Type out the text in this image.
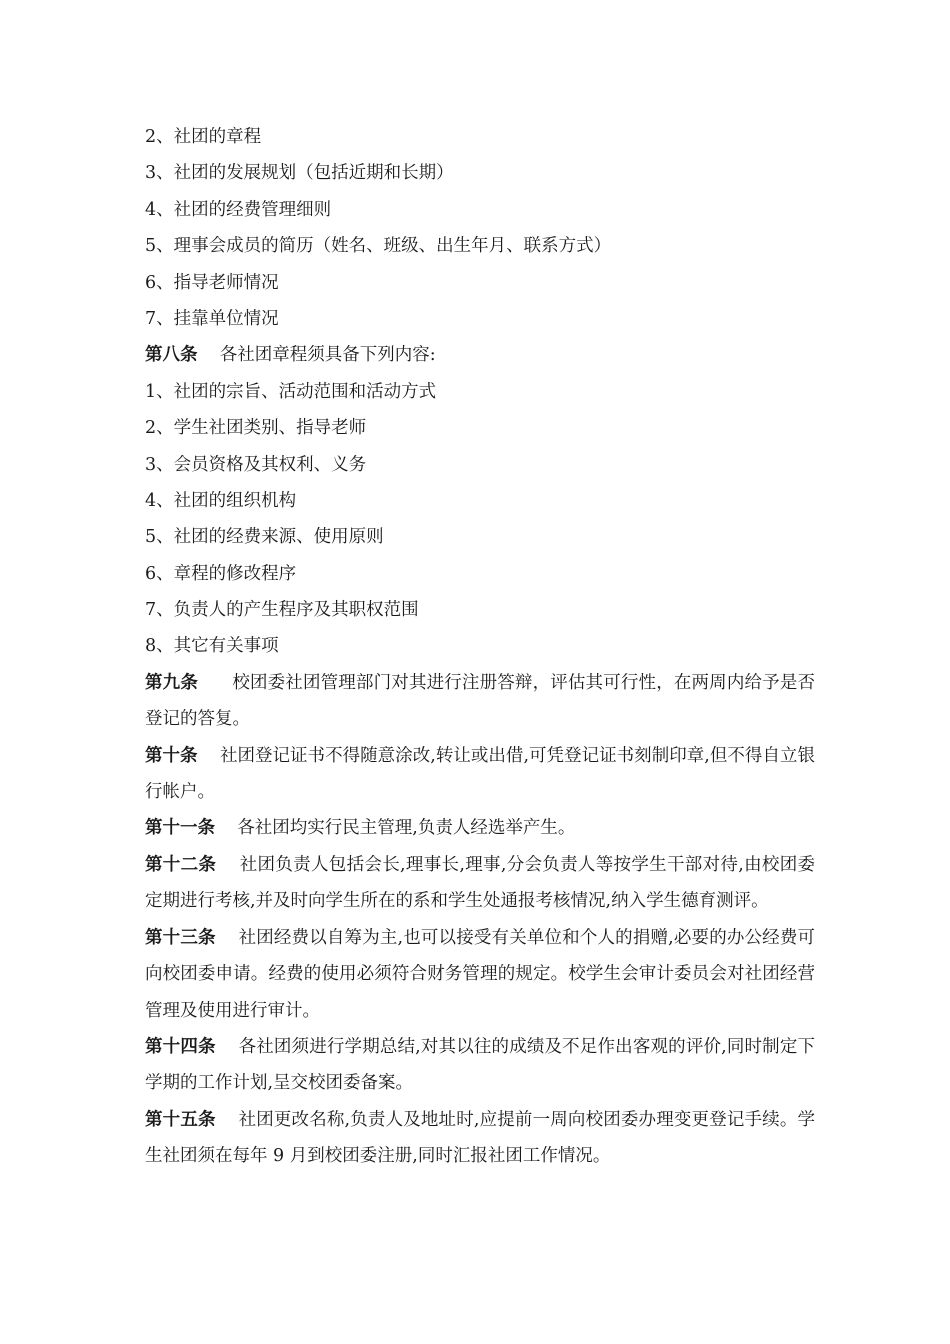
2、社团的章程

3、社团的发展规划（包括近期和长期）

4、社团的经费管理细则

5、理事会成员的简历（姓名、班级、出生年月、联系方式）

6、指导老师情况

7、挂靠单位情况

第八条 各社团章程须具备下列内容:

1、社团的宗旨、活动范围和活动方式

2、学生社团类别、指导老师

3、会员资格及其权利、义务

4、社团的组织机构

5、社团的经费来源、使用原则

6、章程的修改程序

7、负责人的产生程序及其职权范围

8、其它有关事项

第九条 校团委社团管理部门对其进行注册答辩，评估其可行性，在两周内给予是否登记的答复。

第十条 社团登记证书不得随意涂改,转让或出借,可凭登记证书刻制印章,但不得自立银行帐户。

第十一条 各社团均实行民主管理,负责人经选举产生。

第十二条 社团负责人包括会长,理事长,理事,分会负责人等按学生干部对待,由校团委定期进行考核,并及时向学生所在的系和学生处通报考核情况,纳入学生德育测评。

第十三条 社团经费以自筹为主,也可以接受有关单位和个人的捐赠,必要的办公经费可向校团委申请。经费的使用必须符合财务管理的规定。校学生会审计委员会对社团经营管理及使用进行审计。

第十四条 各社团须进行学期总结,对其以往的成绩及不足作出客观的评价,同时制定下学期的工作计划,呈交校团委备案。

第十五条 社团更改名称,负责人及地址时,应提前一周向校团委办理变更登记手续。学生社团须在每年 9 月到校团委注册,同时汇报社团工作情况。
